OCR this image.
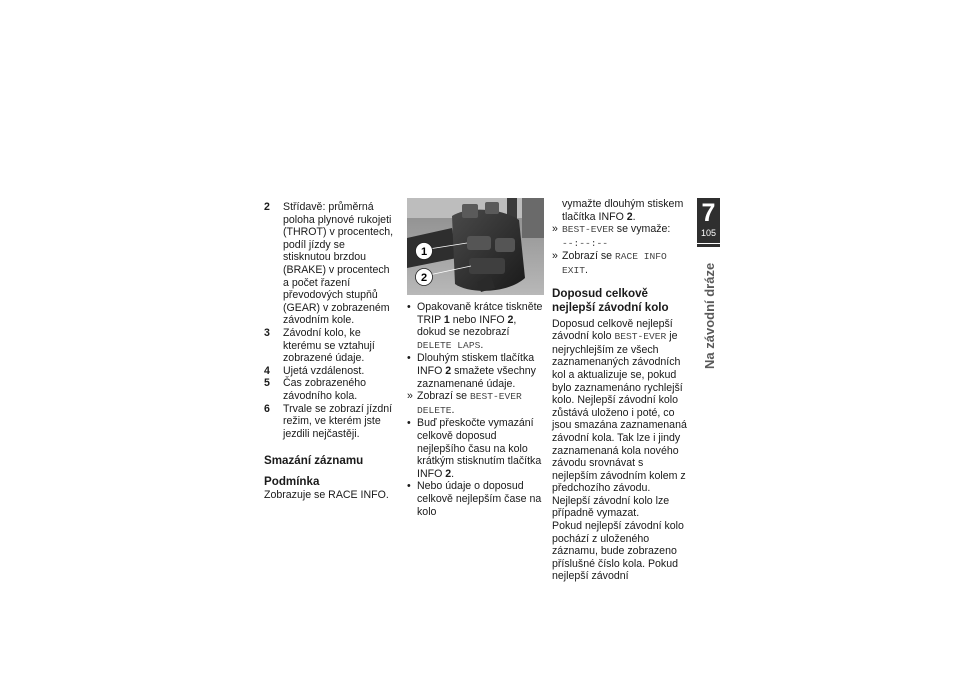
2	Střídavě: průměrná poloha plynové rukojeti (THROT) v procentech, podíl jízdy se stisknutou brzdou (BRAKE) v procentech a počet řazení převodových stupňů (GEAR) v zobrazeném závodním kole.
3	Závodní kolo, ke kterému se vztahují zobrazené údaje.
4	Ujetá vzdálenost.
5	Čas zobrazeného závodního kola.
6	Trvale se zobrazí jízdní režim, ve kterém jste jezdili nejčastěji.
Smazání záznamu
Podmínka
Zobrazuje se RACE INFO.
1
2
• Opakovaně krátce tiskněte TRIP 1 nebo INFO 2, dokud se nezobrazí DELETE LAPS.
• Dlouhým stiskem tlačítka INFO 2 smažete všechny zaznamenané údaje.
» Zobrazí se BEST-EVER DELETE.
• Buď přeskočte vymazání celkově doposud nejlepšího času na kolo krátkým stisknutím tlačítka INFO 2.
• Nebo údaje o doposud celkově nejlepším čase na kolo
vymažte dlouhým stiskem tlačítka INFO 2.
» BEST-EVER se vymaže:
--:--:--
» Zobrazí se RACE INFO EXIT.
Doposud celkově nejlepší závodní kolo
Doposud celkově nejlepší závodní kolo BEST-EVER je nejrychlejším ze všech zaznamenaných závodních kol a aktualizuje se, pokud bylo zaznamenáno rychlejší kolo. Nejlepší závodní kolo zůstává uloženo i poté, co jsou smazána zaznamenaná závodní kola. Tak lze i jindy zaznamenaná kola nového závodu srovnávat s nejlepším závodním kolem z předchozího závodu.
Nejlepší závodní kolo lze případně vymazat.
Pokud nejlepší závodní kolo pochází z uloženého záznamu, bude zobrazeno příslušné číslo kola. Pokud nejlepší závodní
7
105
Na závodní dráze
